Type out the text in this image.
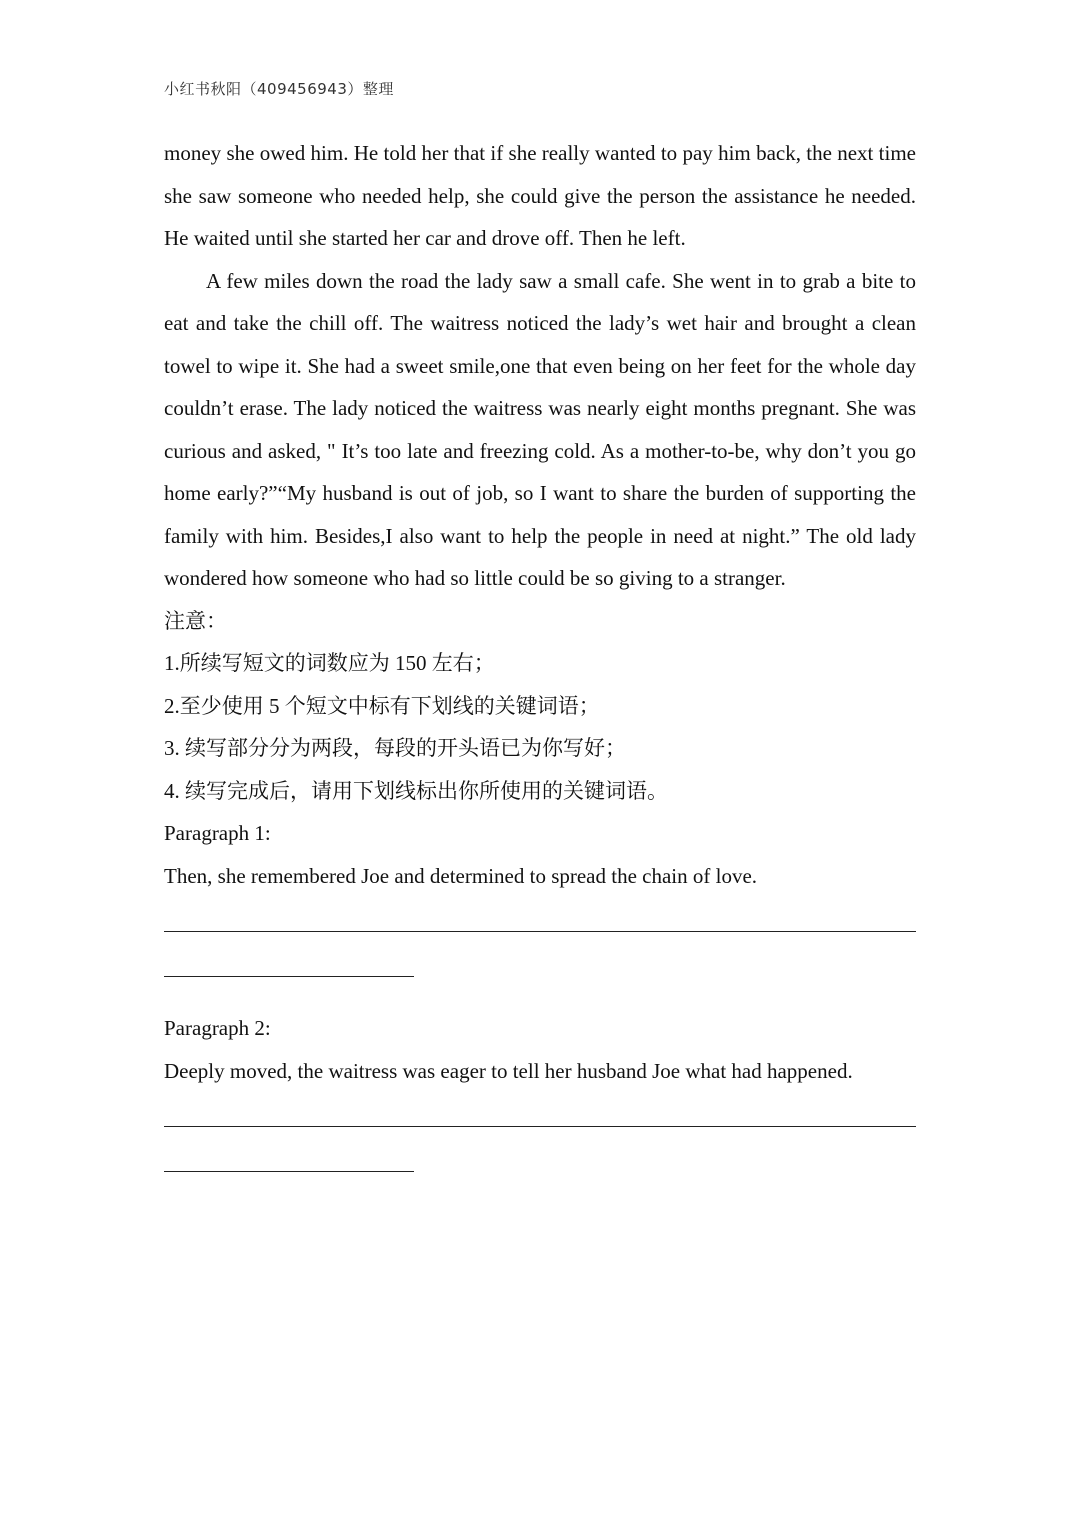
小红书秋阳（409456943）整理

money she owed him. He told her that if she really wanted to pay him back, the next time she saw someone who needed help, she could give the person the assistance he needed. He waited until she started her car and drove off. Then he left.

A few miles down the road the lady saw a small cafe. She went in to grab a bite to eat and take the chill off. The waitress noticed the lady’s wet hair and brought a clean towel to wipe it. She had a sweet smile,one that even being on her feet for the whole day couldn’t erase. The lady noticed the waitress was nearly eight months pregnant. She was curious and asked, " It’s too late and freezing cold. As a mother-to-be, why don’t you go home early?”“My husband is out of job, so I want to share the burden of supporting the family with him. Besides,I also want to help the people in need at night.” The old lady wondered how someone who had so little could be so giving to a stranger.

注意：

1.所续写短文的词数应为 150 左右；

2.至少使用 5 个短文中标有下划线的关键词语；

3. 续写部分分为两段，每段的开头语已为你写好；

4. 续写完成后，请用下划线标出你所使用的关键词语。

Paragraph 1:

Then, she remembered Joe and determined to spread the chain of love.

Paragraph 2:

Deeply moved, the waitress was eager to tell her husband Joe what had happened.
